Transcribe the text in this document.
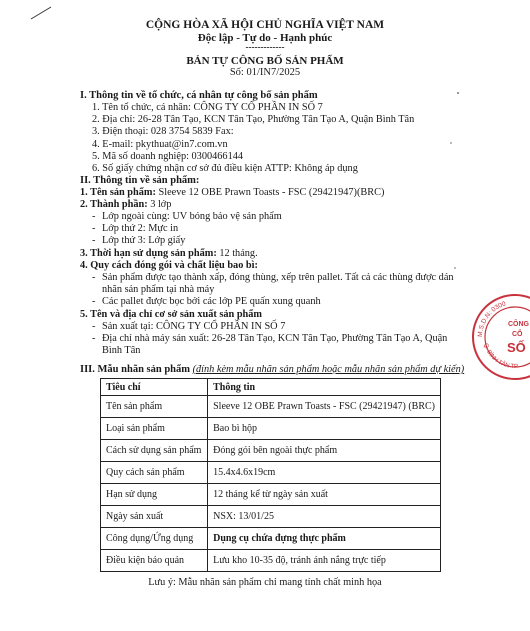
CỘNG HÒA XÃ HỘI CHỦ NGHĨA VIỆT NAM
Độc lập - Tự do - Hạnh phúc
-------------
BẢN TỰ CÔNG BỐ SẢN PHẨM
Số: 01/IN7/2025
I. Thông tin về tổ chức, cá nhân tự công bố sản phẩm
1. Tên tổ chức, cá nhân: CÔNG TY CỔ PHẦN IN SỐ 7
2. Địa chỉ: 26-28 Tân Tạo, KCN Tân Tạo, Phường Tân Tạo A, Quận Bình Tân
3. Điện thoại: 028 3754 5839 Fax:
4. E-mail: pkythuat@in7.com.vn
5. Mã số doanh nghiệp: 0300466144
6. Số giấy chứng nhận cơ sở đủ điều kiện ATTP: Không áp dụng
II. Thông tin về sản phẩm:
1. Tên sản phẩm: Sleeve 12 OBE Prawn Toasts - FSC (29421947)(BRC)
2. Thành phần: 3 lớp
- Lớp ngoài cùng: UV bóng bảo vệ sản phẩm
- Lớp thứ 2: Mực in
- Lớp thứ 3: Lớp giấy
3. Thời hạn sử dụng sản phẩm: 12 tháng.
4. Quy cách đóng gói và chất liệu bao bì:
- Sản phẩm được tạo thành xấp, đóng thùng, xếp trên pallet. Tất cả các thùng được dán
nhãn sản phẩm tại nhà máy
- Các pallet được bọc bởi các lớp PE quấn xung quanh
5. Tên và địa chỉ cơ sở sản xuất sản phẩm
- Sản xuất tại: CÔNG TY CỔ PHẦN IN SỐ 7
- Địa chỉ nhà máy sản xuất: 26-28 Tân Tạo, KCN Tân Tạo, Phường Tân Tạo A, Quận
Bình Tân
III. Mẫu nhãn sản phẩm (đính kèm mẫu nhãn sản phẩm hoặc mẫu nhãn sản phẩm dự kiến)
Tiêu chí	Thông tin
Tên sản phẩm	Sleeve 12 OBE Prawn Toasts - FSC (29421947) (BRC)
Loại sản phẩm	Bao bì hộp
Cách sử dụng sản phẩm	Đóng gói bên ngoài thực phẩm
Quy cách sản phẩm	15.4x4.6x19cm
Hạn sử dụng	12 tháng kể từ ngày sản xuất
Ngày sản xuất	NSX: 13/01/25
Công dụng/Ứng dụng	Dụng cụ chứa đựng thực phẩm
Điều kiện bảo quản	Lưu kho 10-35 độ, tránh ánh nắng trực tiếp
Lưu ý: Mẫu nhãn sản phẩm chỉ mang tính chất minh họa
M.S.D.N: 0300
Q. BÌNH TÂN TP
CÔNG
CỔ
SỐ
